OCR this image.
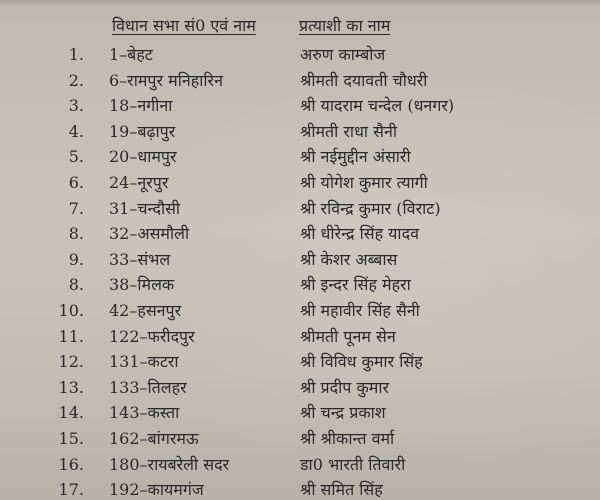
विधान सभा सं0 एवं नाम	प्रत्याशी का नाम
1. 1–बेहट	अरुण काम्बोज
2. 6–रामपुर मनिहारिन	श्रीमती दयावती चौधरी
3. 18–नगीना	श्री यादराम चन्देल (धनगर)
4. 19–बढ़ापुर	श्रीमती राधा सैनी
5. 20–धामपुर	श्री नईमुद्दीन अंसारी
6. 24–नूरपुर	श्री योगेश कुमार त्यागी
7. 31–चन्दौसी	श्री रविन्द्र कुमार (विराट)
8. 32–असमौली	श्री धीरेन्द्र सिंह यादव
9. 33–संभल	श्री केशर अब्बास
8. 38–मिलक	श्री इन्दर सिंह मेहरा
10. 42–हसनपुर	श्री महावीर सिंह सैनी
11. 122–फरीदपुर	श्रीमती पूनम सेन
12. 131–कटरा	श्री विविध कुमार सिंह
13. 133–तिलहर	श्री प्रदीप कुमार
14. 143–कस्ता	श्री चन्द्र प्रकाश
15. 162–बांगरमऊ	श्री श्रीकान्त वर्मा
16. 180–रायबरेली सदर	डा0 भारती तिवारी
17. 192–कायमगंज	श्री समित सिंह
